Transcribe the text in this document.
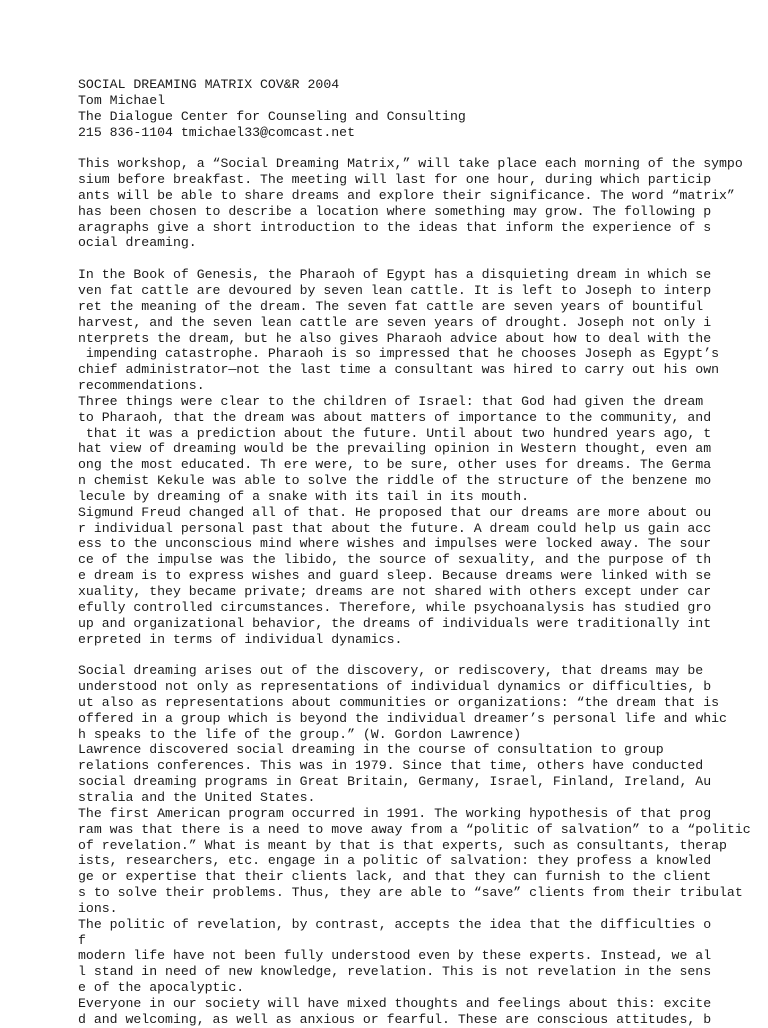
SOCIAL DREAMING MATRIX COV&R 2004
Tom Michael
The Dialogue Center for Counseling and Consulting
215 836-1104 tmichael33@comcast.net
This workshop, a “Social Dreaming Matrix,” will take place each morning of the sympo
sium before breakfast. The meeting will last for one hour, during which particip
ants will be able to share dreams and explore their significance. The word “matrix”
has been chosen to describe a location where something may grow. The following p
aragraphs give a short introduction to the ideas that inform the experience of s
ocial dreaming.
In the Book of Genesis, the Pharaoh of Egypt has a disquieting dream in which se
ven fat cattle are devoured by seven lean cattle. It is left to Joseph to interp
ret the meaning of the dream. The seven fat cattle are seven years of bountiful
harvest, and the seven lean cattle are seven years of drought. Joseph not only i
nterprets the dream, but he also gives Pharaoh advice about how to deal with the
impending catastrophe. Pharaoh is so impressed that he chooses Joseph as Egypt’s
chief administrator—not the last time a consultant was hired to carry out his own
recommendations.
Three things were clear to the children of Israel: that God had given the dream
to Pharaoh, that the dream was about matters of importance to the community, and
that it was a prediction about the future. Until about two hundred years ago, t
hat view of dreaming would be the prevailing opinion in Western thought, even am
ong the most educated. Th ere were, to be sure, other uses for dreams. The Germa
n chemist Kekule was able to solve the riddle of the structure of the benzene mo
lecule by dreaming of a snake with its tail in its mouth.
Sigmund Freud changed all of that. He proposed that our dreams are more about ou
r individual personal past that about the future. A dream could help us gain acc
ess to the unconscious mind where wishes and impulses were locked away. The sour
ce of the impulse was the libido, the source of sexuality, and the purpose of th
e dream is to express wishes and guard sleep. Because dreams were linked with se
xuality, they became private; dreams are not shared with others except under car
efully controlled circumstances. Therefore, while psychoanalysis has studied gro
up and organizational behavior, the dreams of individuals were traditionally int
erpreted in terms of individual dynamics.
Social dreaming arises out of the discovery, or rediscovery, that dreams may be
understood not only as representations of individual dynamics or difficulties, b
ut also as representations about communities or organizations: “the dream that is
offered in a group which is beyond the individual dreamer’s personal life and whic
h speaks to the life of the group.” (W. Gordon Lawrence)
Lawrence discovered social dreaming in the course of consultation to group
relations conferences. This was in 1979. Since that time, others have conducted
social dreaming programs in Great Britain, Germany, Israel, Finland, Ireland, Au
stralia and the United States.
The first American program occurred in 1991. The working hypothesis of that prog
ram was that there is a need to move away from a “politic of salvation” to a “politic
of revelation.” What is meant by that is that experts, such as consultants, therap
ists, researchers, etc. engage in a politic of salvation: they profess a knowled
ge or expertise that their clients lack, and that they can furnish to the client
s to solve their problems. Thus, they are able to “save” clients from their tribulat
ions.
The politic of revelation, by contrast, accepts the idea that the difficulties o
f
modern life have not been fully understood even by these experts. Instead, we al
l stand in need of new knowledge, revelation. This is not revelation in the sens
e of the apocalyptic.
Everyone in our society will have mixed thoughts and feelings about this: excite
d and welcoming, as well as anxious or fearful. These are conscious attitudes, b
